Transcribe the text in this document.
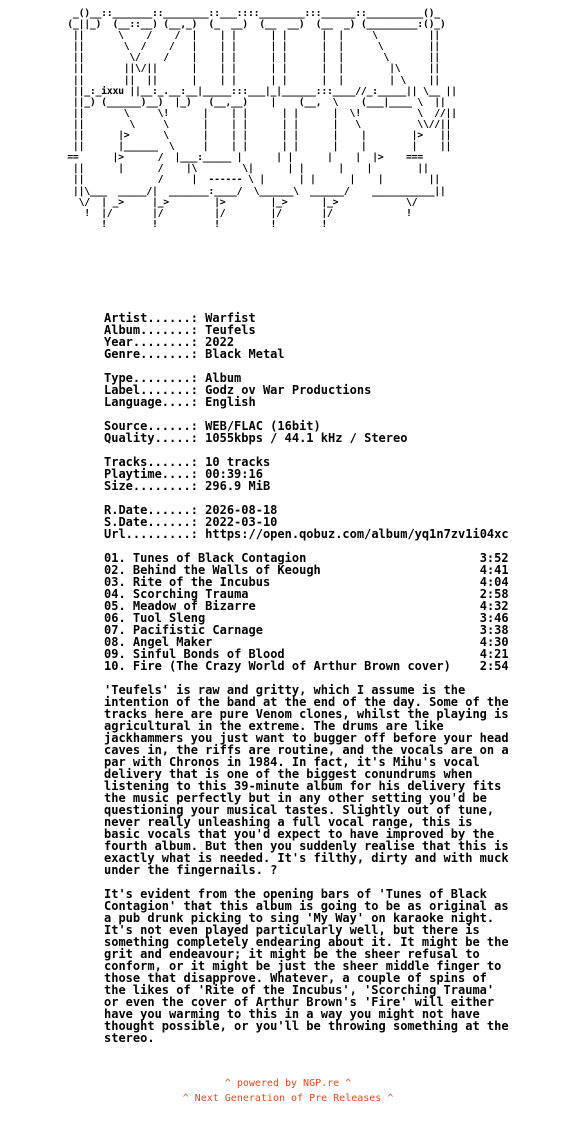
_()__::_______::________::___::::________:::______::__________()_
(_||_)  (__::__) (__,_)  (_  __)  (__  __)  (__  _) (_________:()_)
||      \    /    /  |    | |      | |      |  |     \         ||
||       \  /    /   |    | |      | |      |  |      \        ||
||        \/    /    |    | |      | |      |  |       \       ||
||       ||\/||      |    | |      | |      |  |        |\     ||
||       ||  ||      |    | |      | |      |  |        | \    ||
||_:_ixxu ||__:_.__:__|_____:::___|_|______:::____//_:_____|| \__ ||
||_) (______)__)  |_)   (__,__)    |    (__,  \    (___|____ \  ||
||       \     \!      |    | |      | |      |  \!          \  //||
||        \     \      |    | |      | |      |   \          \\//||
||      |>      \      |    | |      | |      |    |        |>   ||
||      |______  \     |    | |      | |      |    |        |    ||
==      |>      /  |___:_____ |      | |      |    |  |>    ===
||      |      /    |\        \|      | |      |    |        ||
||             /     |  ------ \ |      | |      |    |        ||
||\___  _____/|  _______:____/  \______\  ______/    ___________||
\/  | _>     |_>        |>        |_>      |_>            \/
!  |/       |/         |/        |/       |/             !
!        !          !         !        !
Artist......: Warfist
Album.......: Teufels
Year........: 2022
Genre.......: Black Metal

Type........: Album
Label.......: Godz ov War Productions
Language....: English

Source......: WEB/FLAC (16bit)
Quality.....: 1055kbps / 44.1 kHz / Stereo

Tracks......: 10 tracks
Playtime....: 00:39:16
Size........: 296.9 MiB

R.Date......: 2026-08-18
S.Date......: 2022-03-10
Url.........: https://open.qobuz.com/album/yq1n7zv1i04xc

01. Tunes of Black Contagion	3:52
02. Behind the Walls of Keough	4:41
03. Rite of the Incubus	4:04
04. Scorching Trauma	2:58
05. Meadow of Bizarre	4:32
06. Tuol Sleng	3:46
07. Pacifistic Carnage	3:38
08. Angel Maker	4:30
09. Sinful Bonds of Blood	4:21
10. Fire (The Crazy World of Arthur Brown cover) 2:54
'Teufels' is raw and gritty, which I assume is the
intention of the band at the end of the day. Some of the
tracks here are pure Venom clones, whilst the playing is
agricultural in the extreme. The drums are like
jackhammers you just want to bugger off before your head
caves in, the riffs are routine, and the vocals are on a
par with Chronos in 1984. In fact, it's Mihu's vocal
delivery that is one of the biggest conundrums when
listening to this 39-minute album for his delivery fits
the music perfectly but in any other setting you'd be
questioning your musical tastes. Slightly out of tune,
never really unleashing a full vocal range, this is
basic vocals that you'd expect to have improved by the
fourth album. But then you suddenly realise that this is
exactly what is needed. It's filthy, dirty and with muck
under the fingernails. ?

It's evident from the opening bars of 'Tunes of Black
Contagion' that this album is going to be as original as
a pub drunk picking to sing 'My Way' on karaoke night.
It's not even played particularly well, but there is
something completely endearing about it. It might be the
grit and endeavour; it might be the sheer refusal to
conform, or it might be just the sheer middle finger to
those that disapprove. Whatever, a couple of spins of
the likes of 'Rite of the Incubus', 'Scorching Trauma'
or even the cover of Arthur Brown's 'Fire' will either
have you warming to this in a way you might not have
thought possible, or you'll be throwing something at the
stereo.
^ powered by NGP.re ^
^ Next Generation of Pre Releases ^
